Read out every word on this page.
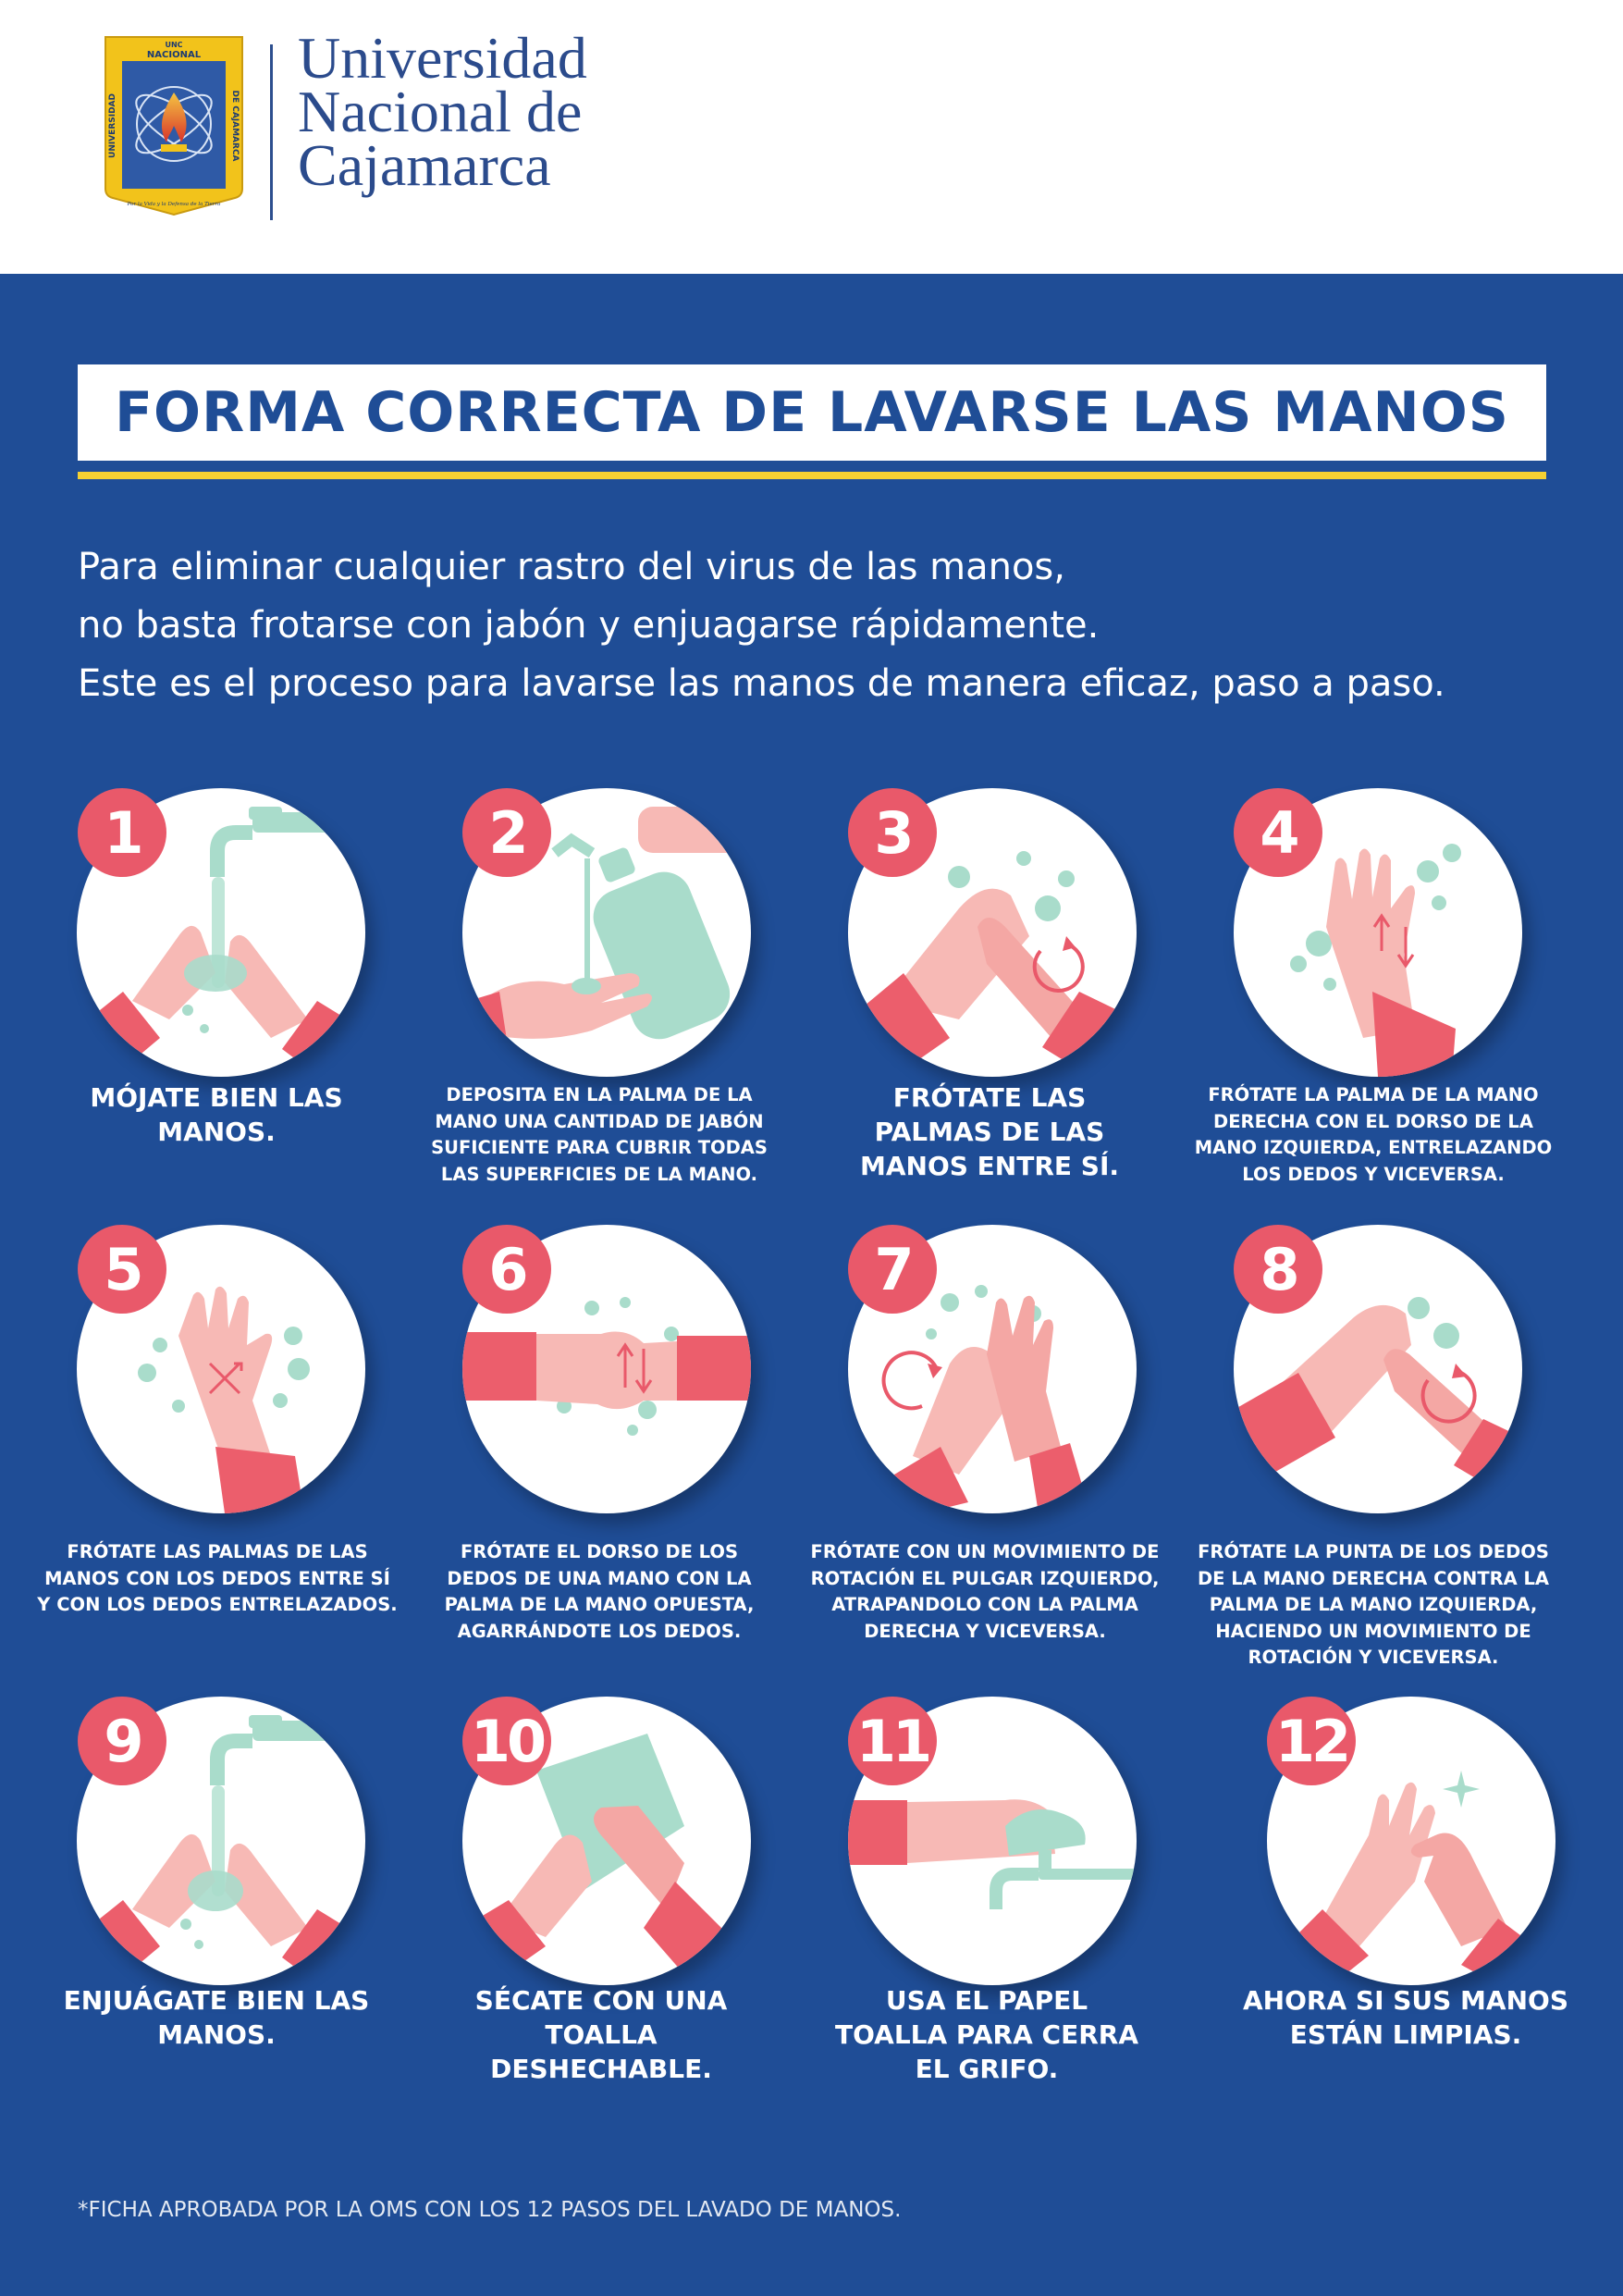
UNC
NACIONAL
UNIVERSIDAD	DE CAJAMARCA
Por la Vida y la Defensa de la Tierra
Universidad
Nacional de
Cajamarca
FORMA CORRECTA DE LAVARSE LAS MANOS
Para eliminar cualquier rastro del virus de las manos,
no basta frotarse con jabón y enjuagarse rápidamente.
Este es el proceso para lavarse las manos de manera eficaz, paso a paso.
1
MÓJATE BIEN LAS MANOS.
2
DEPOSITA EN LA PALMA DE LA MANO UNA CANTIDAD DE JABÓN SUFICIENTE PARA CUBRIR TODAS LAS SUPERFICIES DE LA MANO.
3
FRÓTATE LAS PALMAS DE LAS MANOS ENTRE SÍ.
4
FRÓTATE LA PALMA DE LA MANO DERECHA CON EL DORSO DE LA MANO IZQUIERDA, ENTRELAZANDO LOS DEDOS Y VICEVERSA.
5
FRÓTATE LAS PALMAS DE LAS MANOS CON LOS DEDOS ENTRE SÍ Y CON LOS DEDOS ENTRELAZADOS.
6
FRÓTATE EL DORSO DE LOS DEDOS DE UNA MANO CON LA PALMA DE LA MANO OPUESTA, AGARRÁNDOTE LOS DEDOS.
7
FRÓTATE CON UN MOVIMIENTO DE ROTACIÓN EL PULGAR IZQUIERDO, ATRAPANDOLO CON LA PALMA DERECHA Y VICEVERSA.
8
FRÓTATE LA PUNTA DE LOS DEDOS DE LA MANO DERECHA CONTRA LA PALMA DE LA MANO IZQUIERDA, HACIENDO UN MOVIMIENTO DE ROTACIÓN Y VICEVERSA.
9
ENJUÁGATE BIEN LAS MANOS.
10
SÉCATE CON UNA TOALLA DESHECHABLE.
11
USA EL PAPEL TOALLA PARA CERRA EL GRIFO.
12
AHORA SI SUS MANOS ESTÁN LIMPIAS.
*FICHA APROBADA POR LA OMS CON LOS 12 PASOS DEL LAVADO DE MANOS.
